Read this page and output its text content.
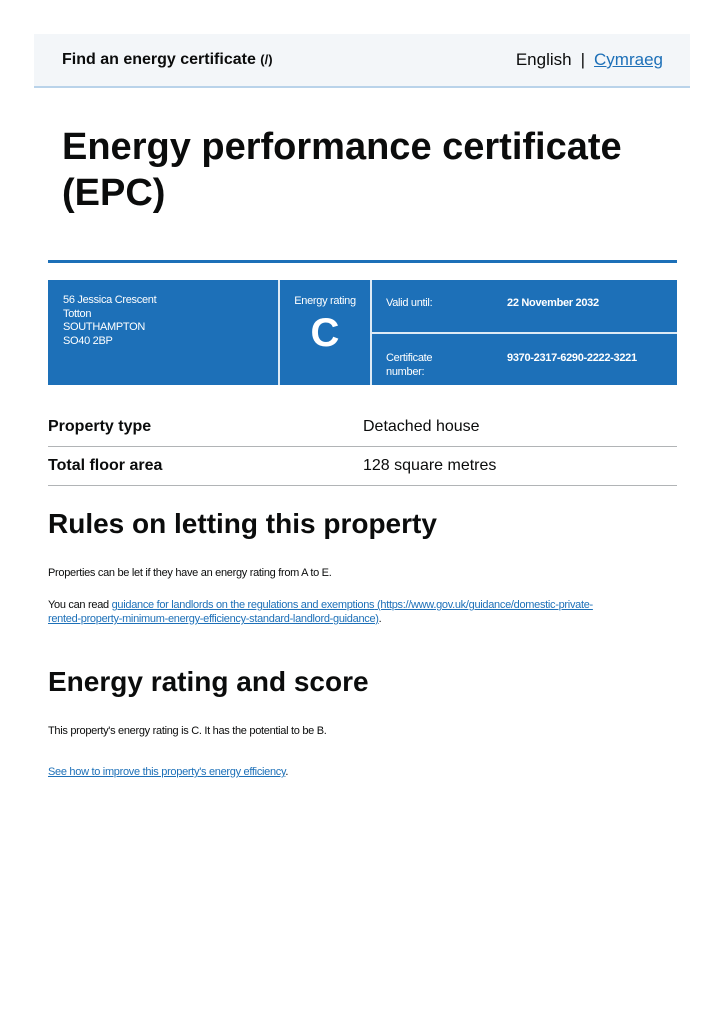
Find an energy certificate (/)	English | Cymraeg
Energy performance certificate (EPC)
56 Jessica Crescent
Totton
SOUTHAMPTON
SO40 2BP
Energy rating
C
Valid until:	22 November 2032
Certificate
number:
9370-2317-6290-2222-3221
Property type	Detached house
Total floor area	128 square metres
Rules on letting this property

Properties can be let if they have an energy rating from A to E.

You can read guidance for landlords on the regulations and exemptions (https://www.gov.uk/guidance/domestic-private-
rented-property-minimum-energy-efficiency-standard-landlord-guidance).

Energy rating and score

This property's energy rating is C. It has the potential to be B.

See how to improve this property's energy efficiency.
